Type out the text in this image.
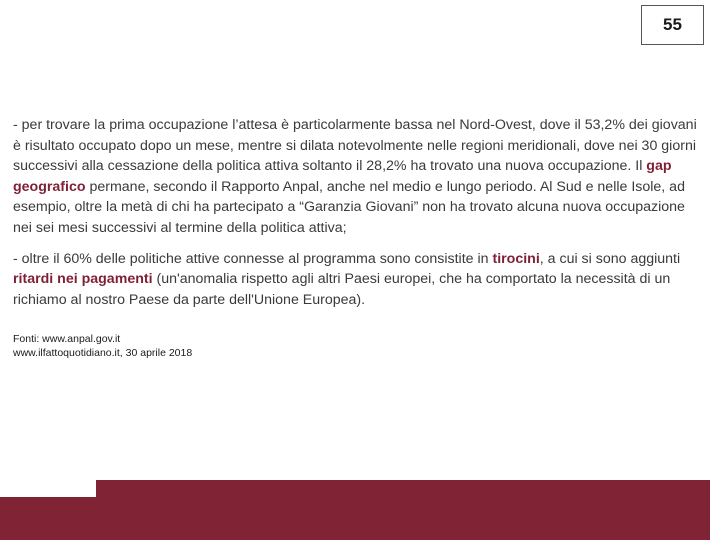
55

- per trovare la prima occupazione l’attesa è particolarmente bassa nel Nord-Ovest, dove il 53,2% dei giovani è risultato occupato dopo un mese, mentre si dilata notevolmente nelle regioni meridionali, dove nei 30 giorni successivi alla cessazione della politica attiva soltanto il 28,2% ha trovato una nuova occupazione. Il gap geografico permane, secondo il Rapporto Anpal, anche nel medio e lungo periodo. Al Sud e nelle Isole, ad esempio, oltre la metà di chi ha partecipato a “Garanzia Giovani” non ha trovato alcuna nuova occupazione nei sei mesi successivi al termine della politica attiva;

- oltre il 60% delle politiche attive connesse al programma sono consistite in tirocini, a cui si sono aggiunti ritardi nei pagamenti (un'anomalia rispetto agli altri Paesi europei, che ha comportato la necessità di un richiamo al nostro Paese da parte dell'Unione Europea).

Fonti: www.anpal.gov.it
www.ilfattoquotidiano.it, 30 aprile 2018
